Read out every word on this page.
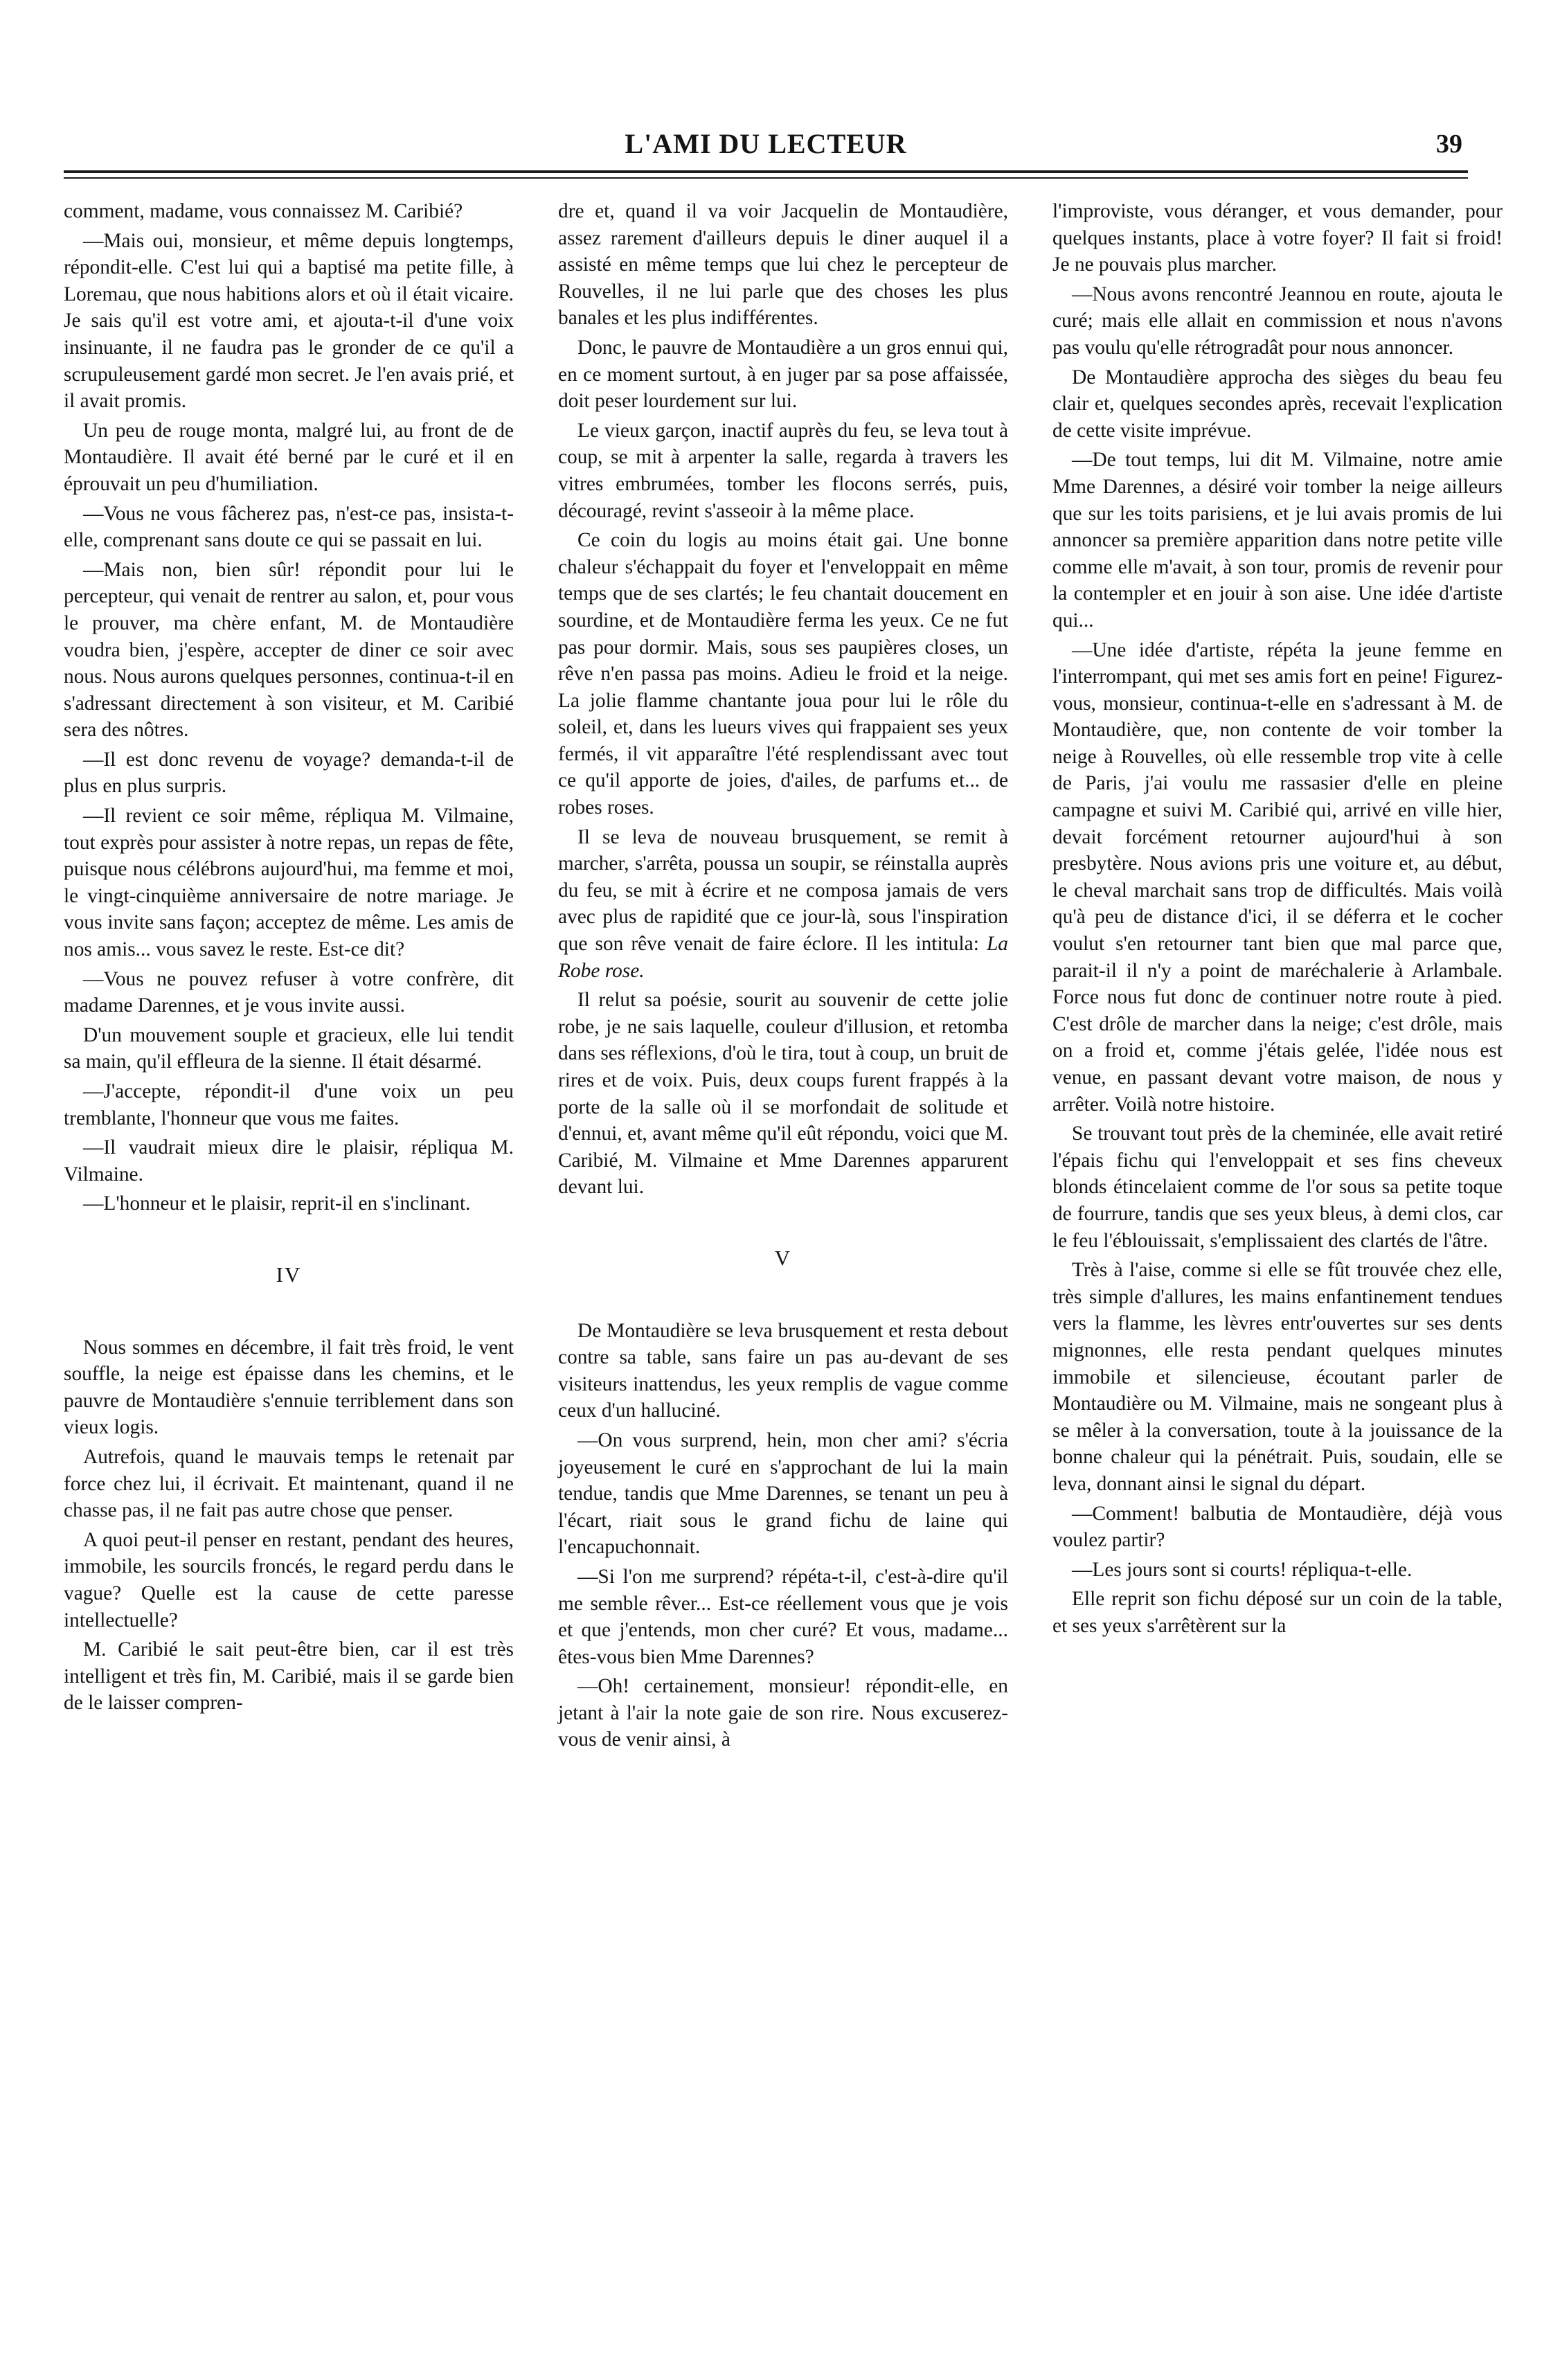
L'AMI DU LECTEUR	39

comment, madame, vous connaissez M. Caribié?

—Mais oui, monsieur, et même depuis longtemps, répondit-elle. C'est lui qui a baptisé ma petite fille, à Loremau, que nous habitions alors et où il était vicaire. Je sais qu'il est votre ami, et ajouta-t-il d'une voix insinuante, il ne faudra pas le gronder de ce qu'il a scrupuleusement gardé mon secret. Je l'en avais prié, et il avait promis.

Un peu de rouge monta, malgré lui, au front de de Montaudière. Il avait été berné par le curé et il en éprouvait un peu d'humiliation.

—Vous ne vous fâcherez pas, n'est-ce pas, insista-t-elle, comprenant sans doute ce qui se passait en lui.

—Mais non, bien sûr! répondit pour lui le percepteur, qui venait de rentrer au salon, et, pour vous le prouver, ma chère enfant, M. de Montaudière voudra bien, j'espère, accepter de diner ce soir avec nous. Nous aurons quelques personnes, continua-t-il en s'adressant directement à son visiteur, et M. Caribié sera des nôtres.

—Il est donc revenu de voyage? demanda-t-il de plus en plus surpris.

—Il revient ce soir même, répliqua M. Vilmaine, tout exprès pour assister à notre repas, un repas de fête, puisque nous célébrons aujourd'hui, ma femme et moi, le vingt-cinquième anniversaire de notre mariage. Je vous invite sans façon; acceptez de même. Les amis de nos amis... vous savez le reste. Est-ce dit?

—Vous ne pouvez refuser à votre confrère, dit madame Darennes, et je vous invite aussi.

D'un mouvement souple et gracieux, elle lui tendit sa main, qu'il effleura de la sienne. Il était désarmé.

—J'accepte, répondit-il d'une voix un peu tremblante, l'honneur que vous me faites.

—Il vaudrait mieux dire le plaisir, répliqua M. Vilmaine.

—L'honneur et le plaisir, reprit-il en s'inclinant.

IV

Nous sommes en décembre, il fait très froid, le vent souffle, la neige est épaisse dans les chemins, et le pauvre de Montaudière s'ennuie terriblement dans son vieux logis.

Autrefois, quand le mauvais temps le retenait par force chez lui, il écrivait. Et maintenant, quand il ne chasse pas, il ne fait pas autre chose que penser.

A quoi peut-il penser en restant, pendant des heures, immobile, les sourcils froncés, le regard perdu dans le vague? Quelle est la cause de cette paresse intellectuelle?

M. Caribié le sait peut-être bien, car il est très intelligent et très fin, M. Caribié, mais il se garde bien de le laisser compren-

dre et, quand il va voir Jacquelin de Montaudière, assez rarement d'ailleurs depuis le diner auquel il a assisté en même temps que lui chez le percepteur de Rouvelles, il ne lui parle que des choses les plus banales et les plus indifférentes.

Donc, le pauvre de Montaudière a un gros ennui qui, en ce moment surtout, à en juger par sa pose affaissée, doit peser lourdement sur lui.

Le vieux garçon, inactif auprès du feu, se leva tout à coup, se mit à arpenter la salle, regarda à travers les vitres embrumées, tomber les flocons serrés, puis, découragé, revint s'asseoir à la même place.

Ce coin du logis au moins était gai. Une bonne chaleur s'échappait du foyer et l'enveloppait en même temps que de ses clartés; le feu chantait doucement en sourdine, et de Montaudière ferma les yeux. Ce ne fut pas pour dormir. Mais, sous ses paupières closes, un rêve n'en passa pas moins. Adieu le froid et la neige. La jolie flamme chantante joua pour lui le rôle du soleil, et, dans les lueurs vives qui frappaient ses yeux fermés, il vit apparaître l'été resplendissant avec tout ce qu'il apporte de joies, d'ailes, de parfums et... de robes roses.

Il se leva de nouveau brusquement, se remit à marcher, s'arrêta, poussa un soupir, se réinstalla auprès du feu, se mit à écrire et ne composa jamais de vers avec plus de rapidité que ce jour-là, sous l'inspiration que son rêve venait de faire éclore. Il les intitula: La Robe rose.

Il relut sa poésie, sourit au souvenir de cette jolie robe, je ne sais laquelle, couleur d'illusion, et retomba dans ses réflexions, d'où le tira, tout à coup, un bruit de rires et de voix. Puis, deux coups furent frappés à la porte de la salle où il se morfondait de solitude et d'ennui, et, avant même qu'il eût répondu, voici que M. Caribié, M. Vilmaine et Mme Darennes apparurent devant lui.

V

De Montaudière se leva brusquement et resta debout contre sa table, sans faire un pas au-devant de ses visiteurs inattendus, les yeux remplis de vague comme ceux d'un halluciné.

—On vous surprend, hein, mon cher ami? s'écria joyeusement le curé en s'approchant de lui la main tendue, tandis que Mme Darennes, se tenant un peu à l'écart, riait sous le grand fichu de laine qui l'encapuchonnait.

—Si l'on me surprend? répéta-t-il, c'est-à-dire qu'il me semble rêver... Est-ce réellement vous que je vois et que j'entends, mon cher curé? Et vous, madame... êtes-vous bien Mme Darennes?

—Oh! certainement, monsieur! répondit-elle, en jetant à l'air la note gaie de son rire. Nous excuserez-vous de venir ainsi, à

l'improviste, vous déranger, et vous demander, pour quelques instants, place à votre foyer? Il fait si froid! Je ne pouvais plus marcher.

—Nous avons rencontré Jeannou en route, ajouta le curé; mais elle allait en commission et nous n'avons pas voulu qu'elle rétrogradât pour nous annoncer.

De Montaudière approcha des sièges du beau feu clair et, quelques secondes après, recevait l'explication de cette visite imprévue.

—De tout temps, lui dit M. Vilmaine, notre amie Mme Darennes, a désiré voir tomber la neige ailleurs que sur les toits parisiens, et je lui avais promis de lui annoncer sa première apparition dans notre petite ville comme elle m'avait, à son tour, promis de revenir pour la contempler et en jouir à son aise. Une idée d'artiste qui...

—Une idée d'artiste, répéta la jeune femme en l'interrompant, qui met ses amis fort en peine! Figurez-vous, monsieur, continua-t-elle en s'adressant à M. de Montaudière, que, non contente de voir tomber la neige à Rouvelles, où elle ressemble trop vite à celle de Paris, j'ai voulu me rassasier d'elle en pleine campagne et suivi M. Caribié qui, arrivé en ville hier, devait forcément retourner aujourd'hui à son presbytère. Nous avions pris une voiture et, au début, le cheval marchait sans trop de difficultés. Mais voilà qu'à peu de distance d'ici, il se déferra et le cocher voulut s'en retourner tant bien que mal parce que, parait-il il n'y a point de maréchalerie à Arlambale. Force nous fut donc de continuer notre route à pied. C'est drôle de marcher dans la neige; c'est drôle, mais on a froid et, comme j'étais gelée, l'idée nous est venue, en passant devant votre maison, de nous y arrêter. Voilà notre histoire.

Se trouvant tout près de la cheminée, elle avait retiré l'épais fichu qui l'enveloppait et ses fins cheveux blonds étincelaient comme de l'or sous sa petite toque de fourrure, tandis que ses yeux bleus, à demi clos, car le feu l'éblouissait, s'emplissaient des clartés de l'âtre.

Très à l'aise, comme si elle se fût trouvée chez elle, très simple d'allures, les mains enfantinement tendues vers la flamme, les lèvres entr'ouvertes sur ses dents mignonnes, elle resta pendant quelques minutes immobile et silencieuse, écoutant parler de Montaudière ou M. Vilmaine, mais ne songeant plus à se mêler à la conversation, toute à la jouissance de la bonne chaleur qui la pénétrait. Puis, soudain, elle se leva, donnant ainsi le signal du départ.

—Comment! balbutia de Montaudière, déjà vous voulez partir?

—Les jours sont si courts! répliqua-t-elle.

Elle reprit son fichu déposé sur un coin de la table, et ses yeux s'arrêtèrent sur la
